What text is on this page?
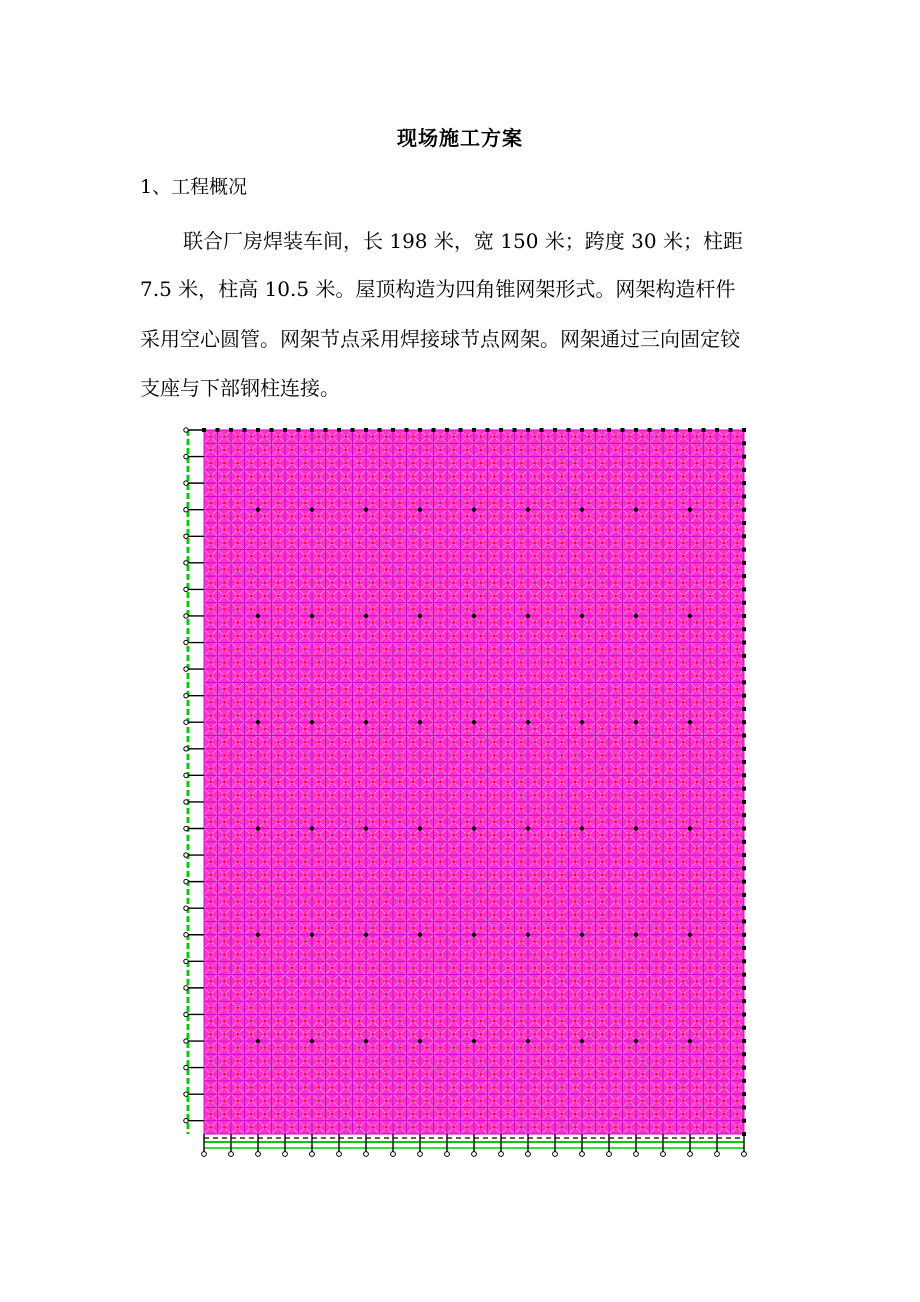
现场施工方案
1、工程概况
联合厂房焊装车间，长 198 米，宽 150 米；跨度 30 米；柱距
7.5 米，柱高 10.5 米。屋顶构造为四角锥网架形式。网架构造杆件
采用空心圆管。网架节点采用焊接球节点网架。网架通过三向固定铰
支座与下部钢柱连接。
